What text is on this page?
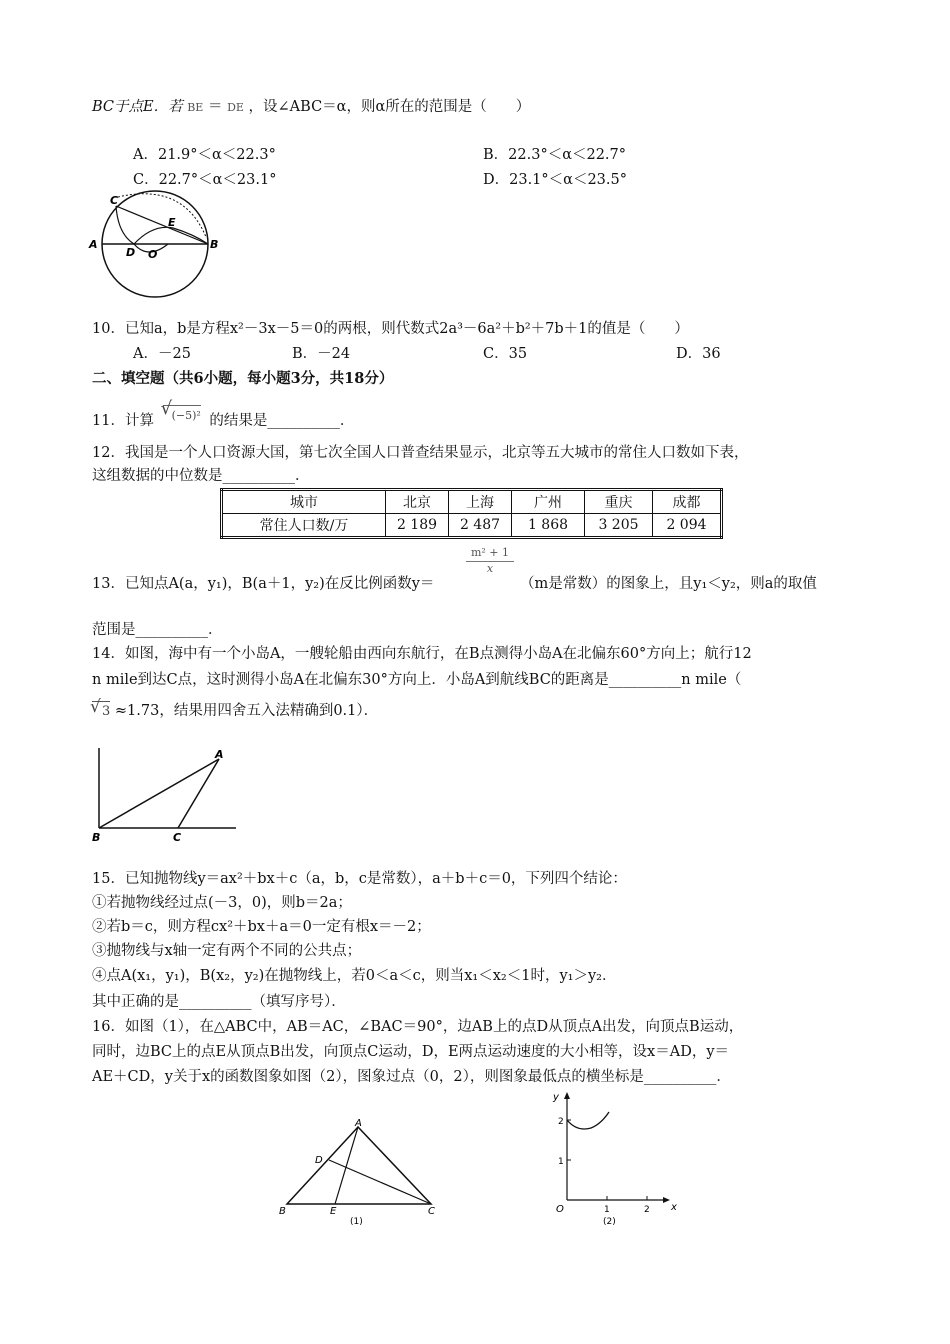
BC于点E．若 BE ＝ DE ，设∠ABC＝α，则α所在的范围是（　　）
A．21.9°＜α＜22.3°	B．22.3°＜α＜22.7°
C．22.7°＜α＜23.1°	D．23.1°＜α＜23.5°
C
E
A	B
D O
10．已知a，b是方程x²－3x－5＝0的两根，则代数式2a³－6a²＋b²＋7b＋1的值是（　　）
A．－25	B．－24	C．35	D．36
二、填空题（共6小题，每小题3分，共18分）
11．计算
√ (−5)² 的结果是__________．
12．我国是一个人口资源大国，第七次全国人口普查结果显示，北京等五大城市的常住人口数如下表，
这组数据的中位数是__________．
城市	北京	上海	广州	重庆	成都
常住人口数/万	2 189	2 487	1 868	3 205	2 094
$\frac{\text{m² + 1}}{x}$
13．已知点A(a，y₁)，B(a＋1，y₂)在反比例函数y＝	（m是常数）的图象上，且y₁＜y₂，则a的取值
范围是__________．
14．如图，海中有一个小岛A，一艘轮船由西向东航行，在B点测得小岛A在北偏东60°方向上；航行12
n mile到达C点，这时测得小岛A在北偏东30°方向上．小岛A到航线BC的距离是__________n mile（
√ 3 ≈1.73，结果用四舍五入法精确到0.1）．
A
B	C
15．已知抛物线y＝ax²＋bx＋c（a，b，c是常数），a＋b＋c＝0，下列四个结论：
①若抛物线经过点(－3，0)，则b＝2a；
②若b＝c，则方程cx²＋bx＋a＝0一定有根x＝－2；
③抛物线与x轴一定有两个不同的公共点；
④点A(x₁，y₁)，B(x₂，y₂)在抛物线上，若0＜a＜c，则当x₁＜x₂＜1时，y₁＞y₂．
其中正确的是__________（填写序号）．
16．如图（1），在△ABC中，AB＝AC，∠BAC＝90°，边AB上的点D从顶点A出发，向顶点B运动，
同时，边BC上的点E从顶点B出发，向顶点C运动，D，E两点运动速度的大小相等，设x＝AD，y＝
AE＋CD，y关于x的函数图象如图（2），图象过点（0，2），则图象最低点的横坐标是__________．
A
D
B	E	C
(1)
y
x
O	1	2
1
2
(2)
